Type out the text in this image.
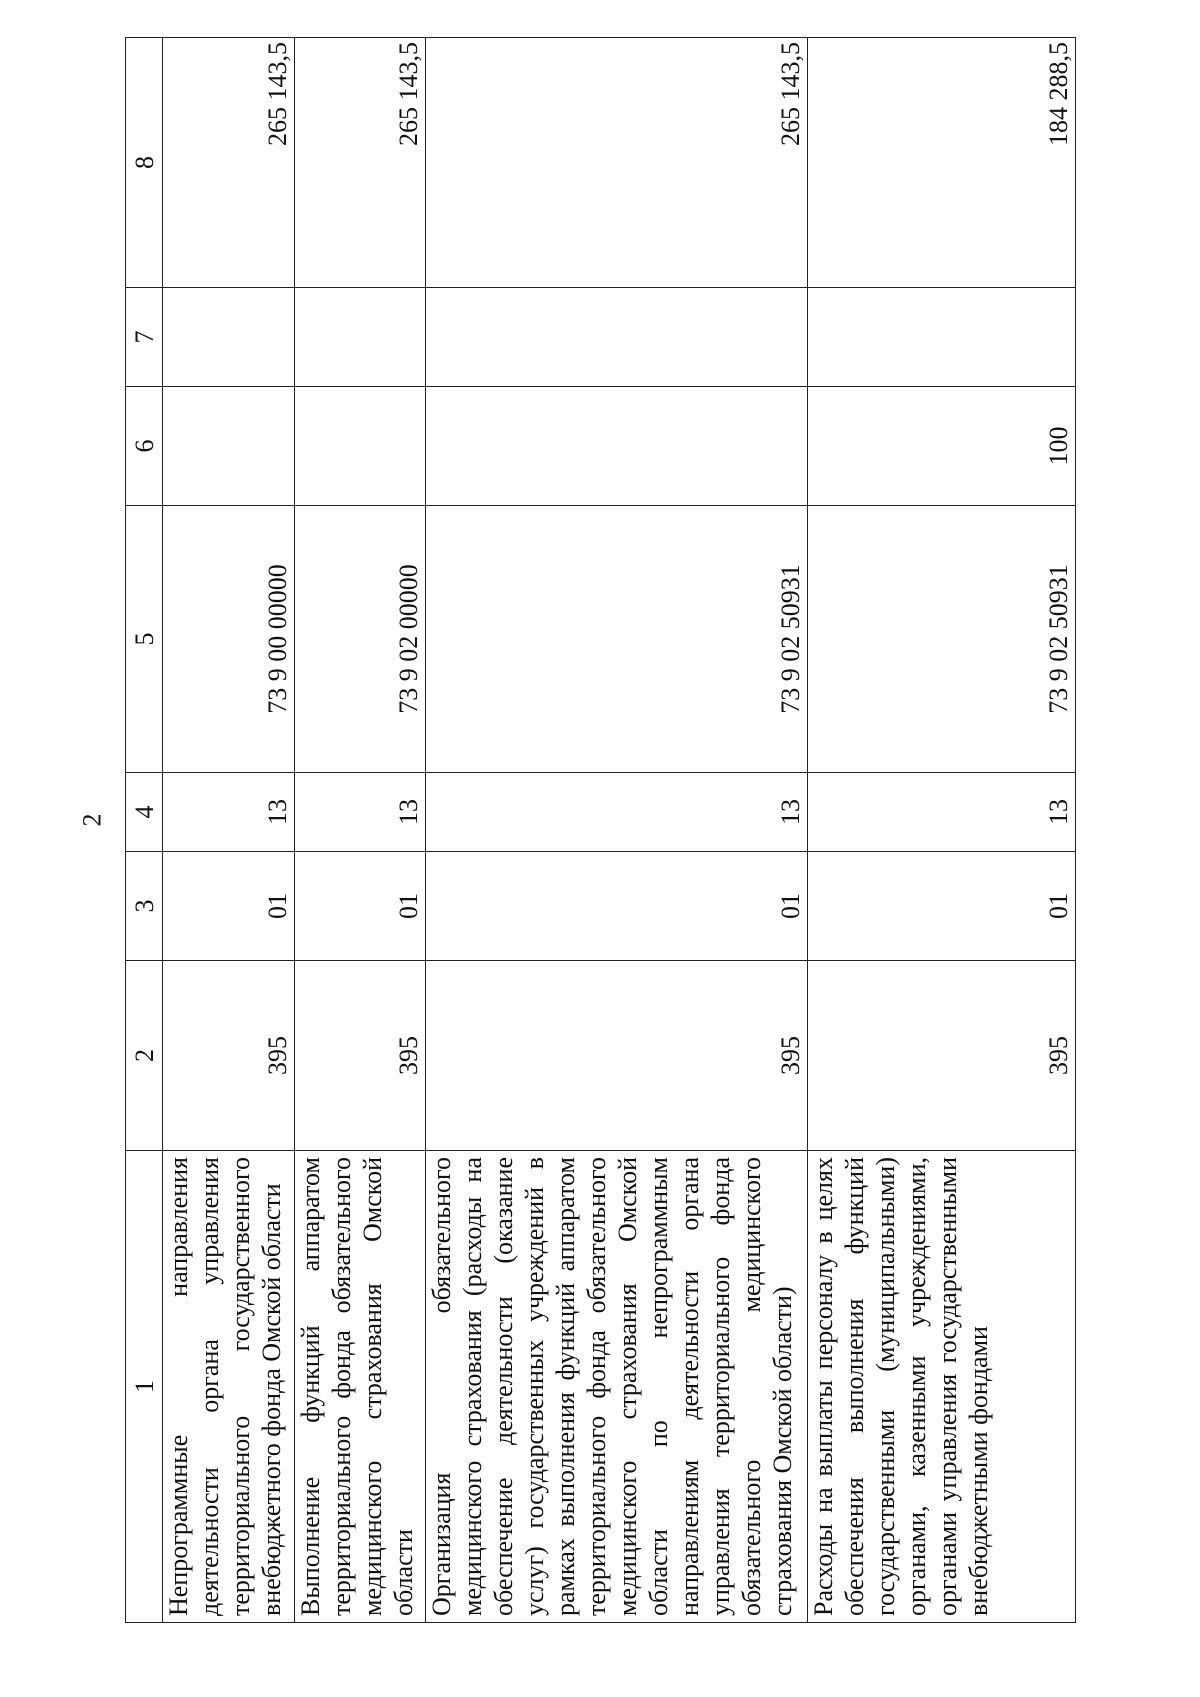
2
1	2	3	4	5	6	7	8
Непрограммные направления деятельности органа управления территориального государственного внебюджетного фонда Омской области	395	01	13	73 9 00 00000			265 143,5
Выполнение функций аппаратом территориального фонда обязательного медицинского страхования Омской области	395	01	13	73 9 02 00000			265 143,5
Организация обязательного медицинского страхования (расходы на обеспечение деятельности (оказание услуг) государственных учреждений в рамках выполнения функций аппаратом территориального фонда обязательного медицинского страхования Омской области по непрограммным направлениям деятельности органа управления территориального фонда обязательного медицинского страхования Омской области)	395	01	13	73 9 02 50931			265 143,5
Расходы на выплаты персоналу в целях обеспечения выполнения функций государственными (муниципальными) органами, казенными учреждениями, органами управления государственными внебюджетными фондами	395	01	13	73 9 02 50931	100		184 288,5
